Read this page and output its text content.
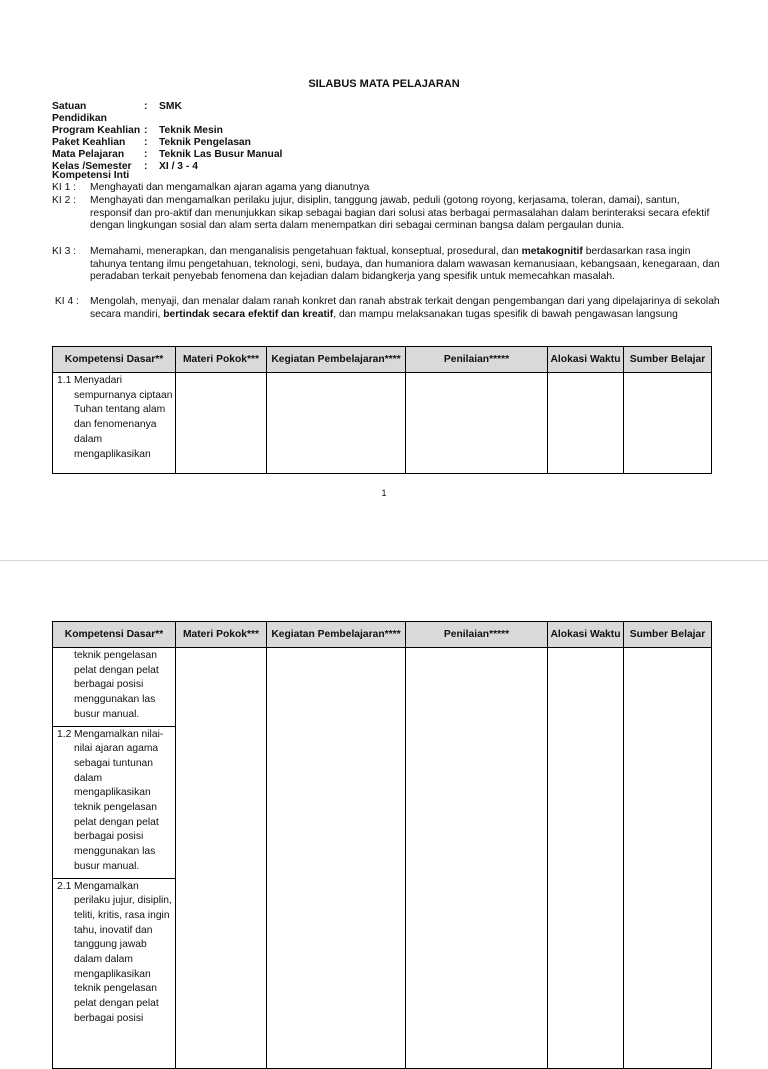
SILABUS MATA PELAJARAN
Satuan Pendidikan
:	SMK
Program Keahlian :	Teknik Mesin
Paket Keahlian	:	Teknik Pengelasan
Mata Pelajaran	:	Teknik Las Busur Manual
Kelas /Semester	:	XI / 3 - 4
Kompetensi Inti
KI 1 :	Menghayati dan mengamalkan ajaran agama yang dianutnya
KI 2 :	Menghayati dan mengamalkan perilaku jujur, disiplin, tanggung jawab, peduli (gotong royong, kerjasama, toleran, damai), santun, responsif dan pro-aktif dan menunjukkan sikap sebagai bagian dari solusi atas berbagai permasalahan dalam berinteraksi secara efektif dengan lingkungan sosial dan alam serta dalam menempatkan diri sebagai cerminan bangsa dalam pergaulan dunia.
KI 3 :	Memahami, menerapkan, dan menganalisis pengetahuan faktual, konseptual, prosedural, dan metakognitif berdasarkan rasa ingin tahunya tentang ilmu pengetahuan, teknologi, seni, budaya, dan humaniora dalam wawasan kemanusiaan, kebangsaan, kenegaraan, dan peradaban terkait penyebab fenomena dan kejadian dalam bidangkerja yang spesifik untuk memecahkan masalah.
KI 4 :	Mengolah, menyaji, dan menalar dalam ranah konkret dan ranah abstrak terkait dengan pengembangan dari yang dipelajarinya di sekolah secara mandiri, bertindak secara efektif dan kreatif, dan mampu melaksanakan tugas spesifik di bawah pengawasan langsung
Kompetensi Dasar**	Materi Pokok***	Kegiatan Pembelajaran****	Penilaian*****	Alokasi Waktu	Sumber Belajar

1.1 Menyadari sempurnanya ciptaan Tuhan tentang alam dan fenomenanya dalam mengaplikasikan					

1
Kompetensi Dasar**	Materi Pokok***	Kegiatan Pembelajaran****	Penilaian*****	Alokasi Waktu	Sumber Belajar

teknik pengelasan pelat dengan pelat berbagai posisi menggunakan las busur manual.
1.2 Mengamalkan nilai-nilai ajaran agama sebagai tuntunan dalam mengaplikasikan teknik pengelasan pelat dengan pelat berbagai posisi menggunakan las busur manual.
2.1 Mengamalkan perilaku jujur, disiplin, teliti, kritis, rasa ingin tahu, inovatif dan tanggung jawab dalam dalam mengaplikasikan teknik pengelasan pelat dengan pelat berbagai posisi					
